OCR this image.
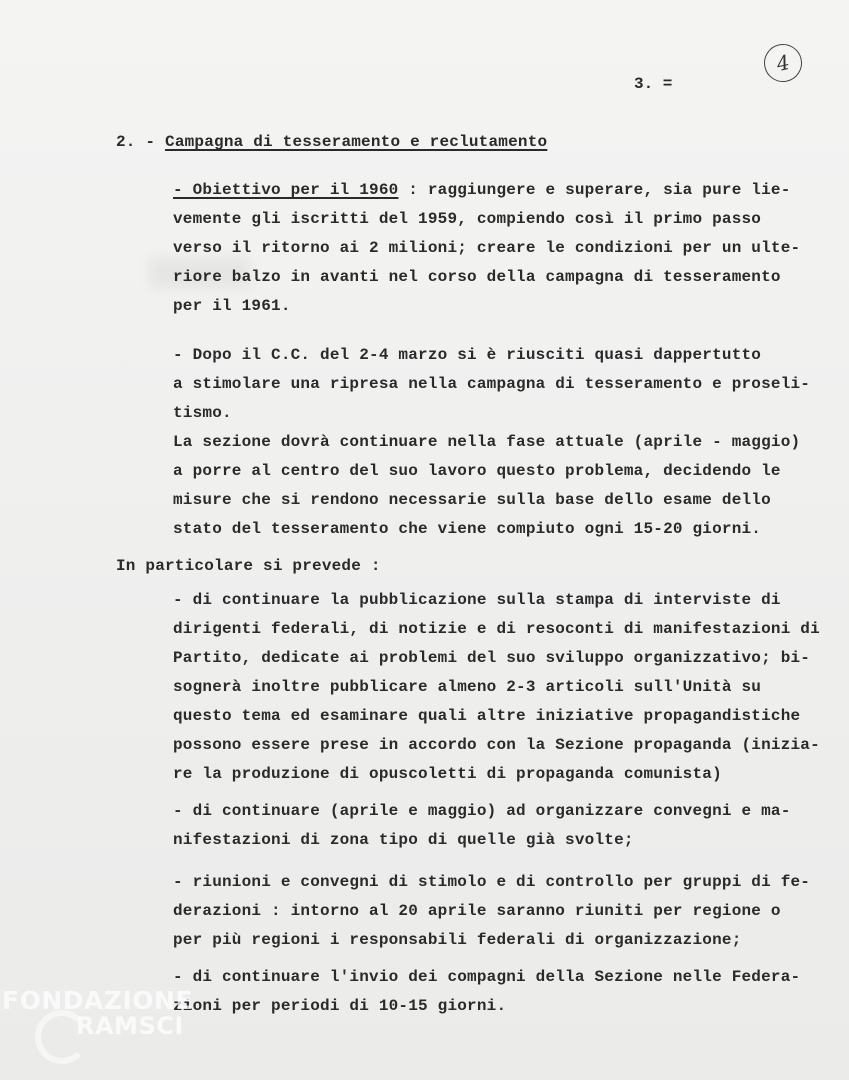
3. =
4
2. - Campagna di tesseramento e reclutamento
- Obiettivo per il 1960 : raggiungere e superare, sia pure lie-
vemente gli iscritti del 1959, compiendo così il primo passo
verso il ritorno ai 2 milioni; creare le condizioni per un ulte-
riore balzo in avanti nel corso della campagna di tesseramento
per il 1961.
- Dopo il C.C. del 2-4 marzo si è riusciti quasi dappertutto
a stimolare una ripresa nella campagna di tesseramento e proseli-
tismo.
La sezione dovrà continuare nella fase attuale (aprile - maggio)
a porre al centro del suo lavoro questo problema, decidendo le
misure che si rendono necessarie sulla base dello esame dello
stato del tesseramento che viene compiuto ogni 15-20 giorni.
In particolare si prevede :
- di continuare la pubblicazione sulla stampa di interviste di
dirigenti federali, di notizie e di resoconti di manifestazioni di
Partito, dedicate ai problemi del suo sviluppo organizzativo; bi-
sognerà inoltre pubblicare almeno 2-3 articoli sull'Unità su
questo tema ed esaminare quali altre iniziative propagandistiche
possono essere prese in accordo con la Sezione propaganda (inizia-
re la produzione di opuscoletti di propaganda comunista)
- di continuare (aprile e maggio) ad organizzare convegni e ma-
nifestazioni di zona tipo di quelle già svolte;
- riunioni e convegni di stimolo e di controllo per gruppi di fe-
derazioni : intorno al 20 aprile saranno riuniti per regione o
per più regioni i responsabili federali di organizzazione;
- di continuare l'invio dei compagni della Sezione nelle Federa-
zioni per periodi di 10-15 giorni.
FONDAZIONE
RAMSCI
